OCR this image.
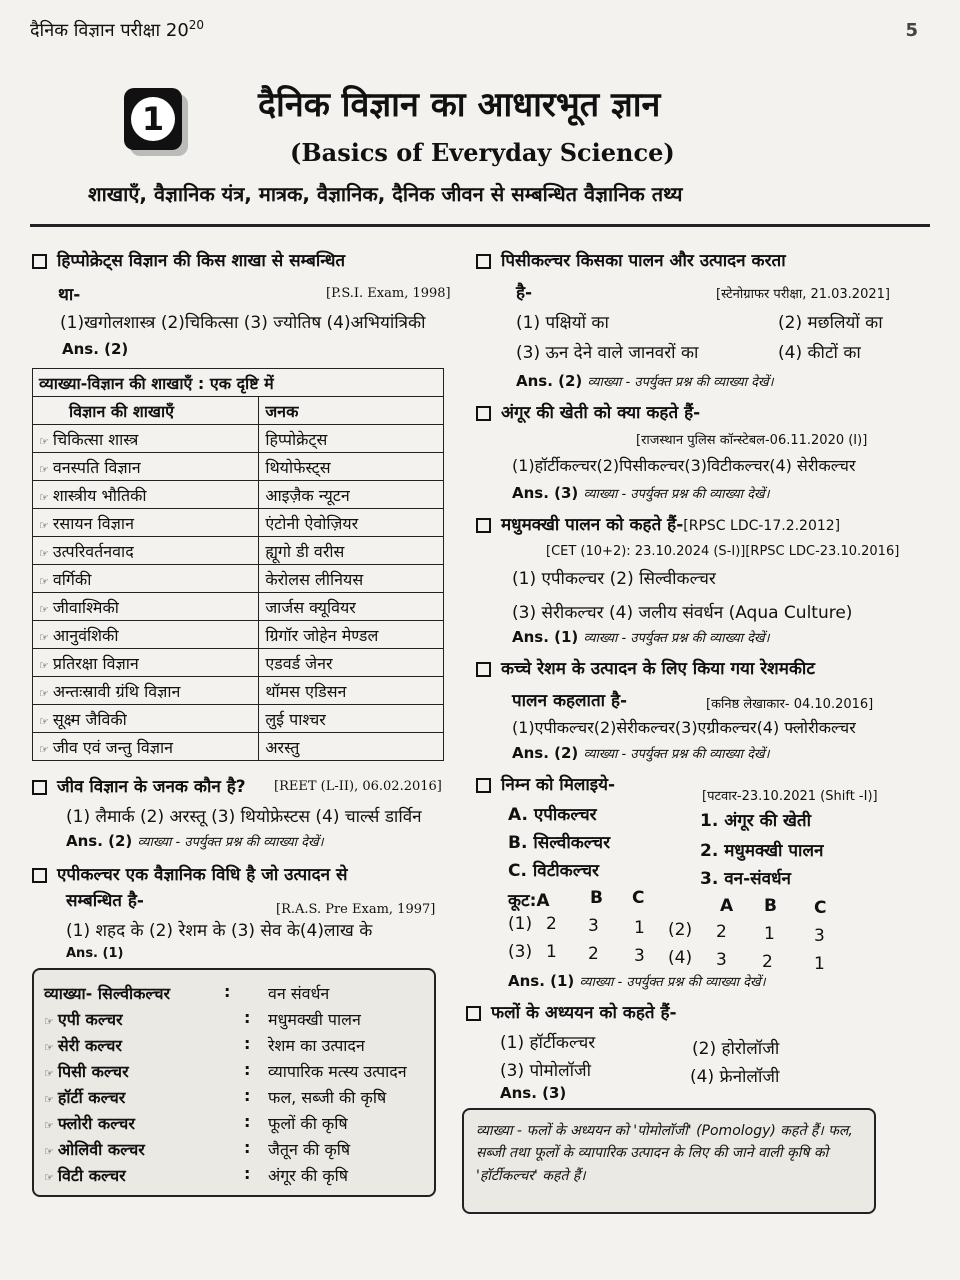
दैनिक विज्ञान परीक्षा $20^{20}$	5
1	दैनिक विज्ञान का आधारभूत ज्ञान
(Basics of Everyday Science)
शाखाएँ, वैज्ञानिक यंत्र, मात्रक, वैज्ञानिक, दैनिक जीवन से सम्बन्धित वैज्ञानिक तथ्य
हिप्पोक्रेट्स विज्ञान की किस शाखा से सम्बन्धित
था-	[P.S.I. Exam, 1998]
(1)खगोलशास्त्र (2)चिकित्सा (3) ज्योतिष (4)अभियांत्रिकी
Ans. (2)
व्याख्या-विज्ञान की शाखाएँ : एक दृष्टि में	
विज्ञान की शाखाएँ	जनक
☞ चिकित्सा शास्त्र	हिप्पोक्रेट्स
☞ वनस्पति विज्ञान	थियोफेस्ट्स
☞ शास्त्रीय भौतिकी	आइज़ैक न्यूटन
☞ रसायन विज्ञान	एंटोनी ऐवोज़ियर
☞ उत्परिवर्तनवाद	ह्यूगो डी वरीस
☞ वर्गिकी	केरोलस लीनियस
☞ जीवाश्मिकी	जार्जस क्यूवियर
☞ आनुवंशिकी	ग्रिगॉर जोहेन मेण्डल
☞ प्रतिरक्षा विज्ञान	एडवर्ड जेनर
☞ अन्तःस्रावी ग्रंथि विज्ञान	थॉमस एडिसन
☞ सूक्ष्म जैविकी	लुई पाश्चर
☞ जीव एवं जन्तु विज्ञान	अरस्तु
जीव विज्ञान के जनक कौन है? [REET (L-II), 06.02.2016]
(1) लैमार्क (2) अरस्तू (3) थियोफ्रेस्टस (4) चार्ल्स डार्विन
Ans. (2) व्याख्या - उपर्युक्त प्रश्न की व्याख्या देखें।
एपीकल्चर एक वैज्ञानिक विधि है जो उत्पादन से
सम्बन्धित है-	[R.A.S. Pre Exam, 1997]
(1) शहद के (2) रेशम के (3) सेव के(4)लाख के
Ans. (1)
व्याख्या- सिल्वीकल्चर	: वन संवर्धन
☞ एपी कल्चर	: मधुमक्खी पालन
☞ सेरी कल्चर	: रेशम का उत्पादन
☞ पिसी कल्चर	: व्यापारिक मत्स्य उत्पादन
☞ हॉर्टी कल्चर	: फल, सब्जी की कृषि
☞ फ्लोरी कल्चर	: फूलों की कृषि
☞ ओलिवी कल्चर	: जैतून की कृषि
☞ विटी कल्चर	: अंगूर की कृषि
पिसीकल्चर किसका पालन और उत्पादन करता
है-	[स्टेनोग्राफर परीक्षा, 21.03.2021]
(1) पक्षियों का	(2) मछलियों का
(3) ऊन देने वाले जानवरों का	(4) कीटों का
Ans. (2) व्याख्या - उपर्युक्त प्रश्न की व्याख्या देखें।
अंगूर की खेती को क्या कहते हैं-
[राजस्थान पुलिस कॉन्स्टेबल-06.11.2020 (I)]
(1)हॉर्टीकल्चर(2)पिसीकल्चर(3)विटीकल्चर(4) सेरीकल्चर
Ans. (3) व्याख्या - उपर्युक्त प्रश्न की व्याख्या देखें।
मधुमक्खी पालन को कहते हैं-[RPSC LDC-17.2.2012]
[CET (10+2): 23.10.2024 (S-I)][RPSC LDC-23.10.2016]
(1) एपीकल्चर (2) सिल्वीकल्चर
(3) सेरीकल्चर (4) जलीय संवर्धन (Aqua Culture)
Ans. (1) व्याख्या - उपर्युक्त प्रश्न की व्याख्या देखें।
कच्चे रेशम के उत्पादन के लिए किया गया रेशमकीट
पालन कहलाता है-	[कनिष्ठ लेखाकार- 04.10.2016]
(1)एपीकल्चर(2)सेरीकल्चर(3)एग्रीकल्चर(4) फ्लोरीकल्चर
Ans. (2) व्याख्या - उपर्युक्त प्रश्न की व्याख्या देखें।
निम्न को मिलाइये-
[पटवार-23.10.2021 (Shift -I)]
A. एपीकल्चर
B. सिल्वीकल्चर
C. विटीकल्चर
1. अंगूर की खेती
2. मधुमक्खी पालन
3. वन-संवर्धन
कूट:A B C	A B C
(1) 2 3 1 (2) 2 1 3
(3) 1 2 3 (4) 3 2 1
Ans. (1) व्याख्या - उपर्युक्त प्रश्न की व्याख्या देखें।
फलों के अध्ययन को कहते हैं-
(1) हॉर्टीकल्चर	(2) होरोलॉजी
(3) पोमोलॉजी	(4) फ्रेनोलॉजी
Ans. (3)
व्याख्या - फलों के अध्ययन को 'पोमोलॉजी' (Pomology) कहते हैं। फल, सब्जी तथा फूलों के व्यापारिक उत्पादन के लिए की जाने वाली कृषि को 'हॉर्टीकल्चर' कहते हैं।
